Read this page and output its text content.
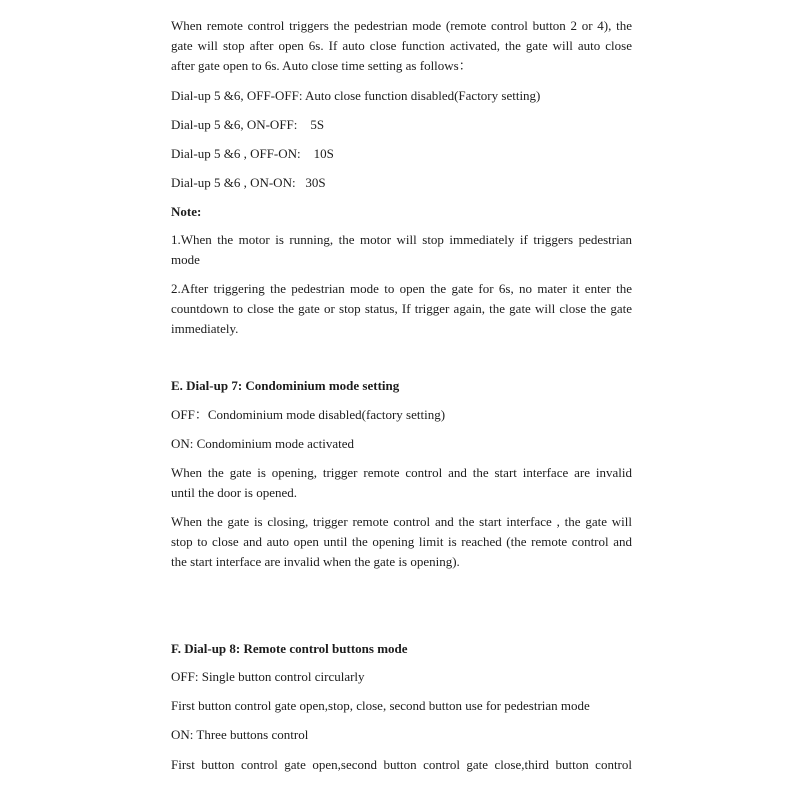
When remote control triggers the pedestrian mode (remote control button 2 or 4), the
gate will stop after open 6s. If auto close function activated, the gate will auto close
after gate open to 6s. Auto close time setting as follows：
Dial-up 5 &6, OFF-OFF: Auto close function disabled(Factory setting)
Dial-up 5 &6, ON-OFF:    5S
Dial-up 5 &6 , OFF-ON:    10S
Dial-up 5 &6 , ON-ON:   30S
Note:
1.When the motor is running, the motor will stop immediately if triggers pedestrian
mode
2.After triggering the pedestrian mode to open the gate for 6s, no mater it enter the
countdown to close the gate or stop status, If trigger again, the gate will close the gate
immediately.
E. Dial-up 7: Condominium mode setting
OFF：Condominium mode disabled(factory setting)
ON: Condominium mode activated
When the gate is opening, trigger remote control and the start interface are invalid
until the door is opened.
When the gate is closing, trigger remote control and the start interface , the gate will
stop to close and auto open until the opening limit is reached (the remote control and
the start interface are invalid when the gate is opening).
F. Dial-up 8: Remote control buttons mode
OFF: Single button control circularly
First button control gate open,stop, close, second button use for pedestrian mode
ON: Three buttons control
First button control gate open,second button control gate close,third button control
